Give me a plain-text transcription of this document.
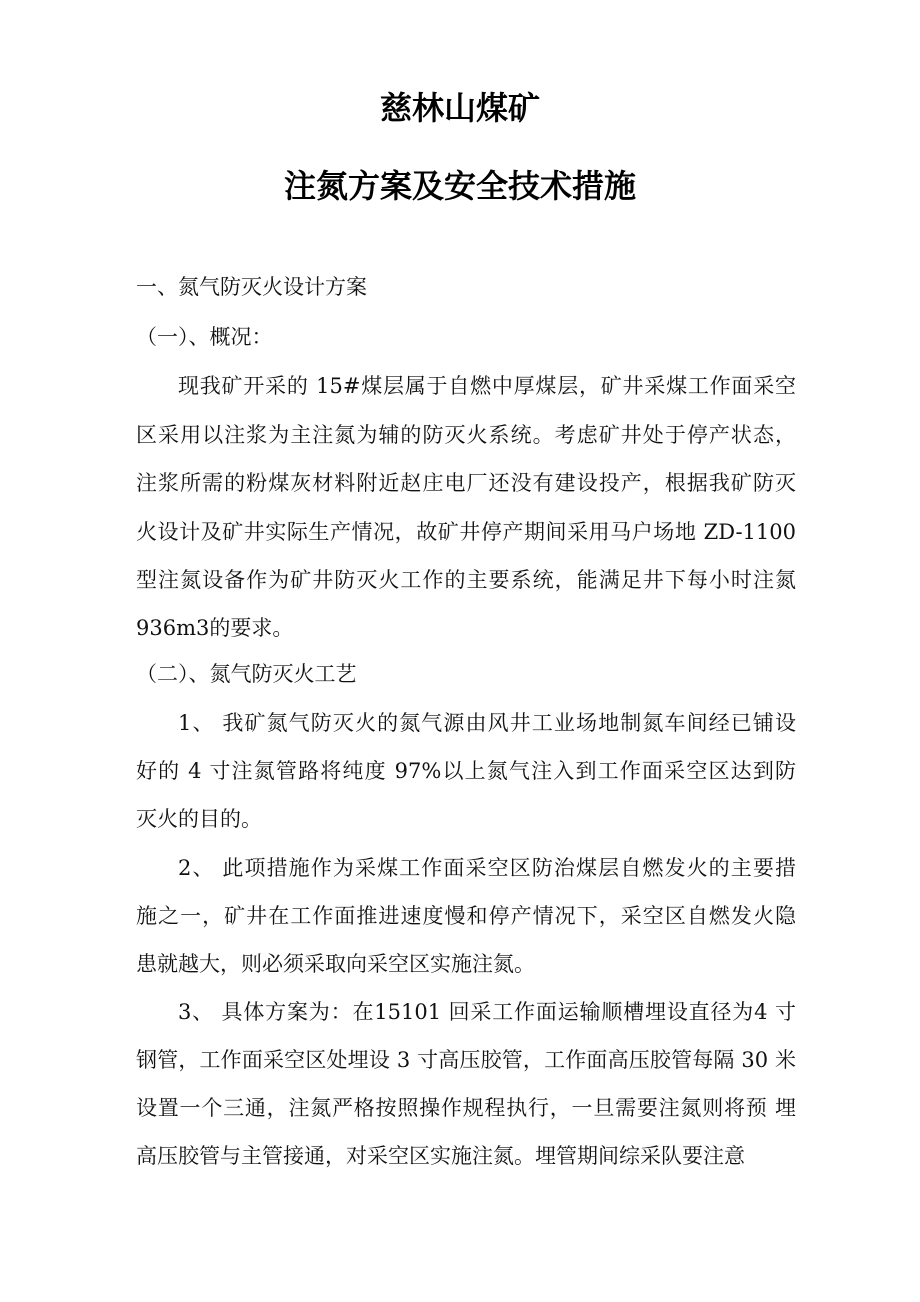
慈林山煤矿
注氮方案及安全技术措施
一、氮气防灭火设计方案
（一）、概况：
现我矿开采的 15#煤层属于自燃中厚煤层，矿井采煤工作面采空
区采用以注浆为主注氮为辅的防灭火系统。考虑矿井处于停产状态，
注浆所需的粉煤灰材料附近赵庄电厂还没有建设投产，根据我矿防灭
火设计及矿井实际生产情况，故矿井停产期间采用马户场地 ZD-1100
型注氮设备作为矿井防灭火工作的主要系统，能满足井下每小时注氮
936m3的要求。
（二）、氮气防灭火工艺
1、 我矿氮气防灭火的氮气源由风井工业场地制氮车间经已铺设
好的 4 寸注氮管路将纯度 97%以上氮气注入到工作面采空区达到防
灭火的目的。
2、 此项措施作为采煤工作面采空区防治煤层自燃发火的主要措
施之一，矿井在工作面推进速度慢和停产情况下，采空区自燃发火隐
患就越大，则必须采取向采空区实施注氮。
3、 具体方案为：在15101 回采工作面运输顺槽埋设直径为4 寸
钢管，工作面采空区处埋设 3 寸高压胶管，工作面高压胶管每隔 30 米
设置一个三通，注氮严格按照操作规程执行，一旦需要注氮则将预 埋
高压胶管与主管接通，对采空区实施注氮。埋管期间综采队要注意
